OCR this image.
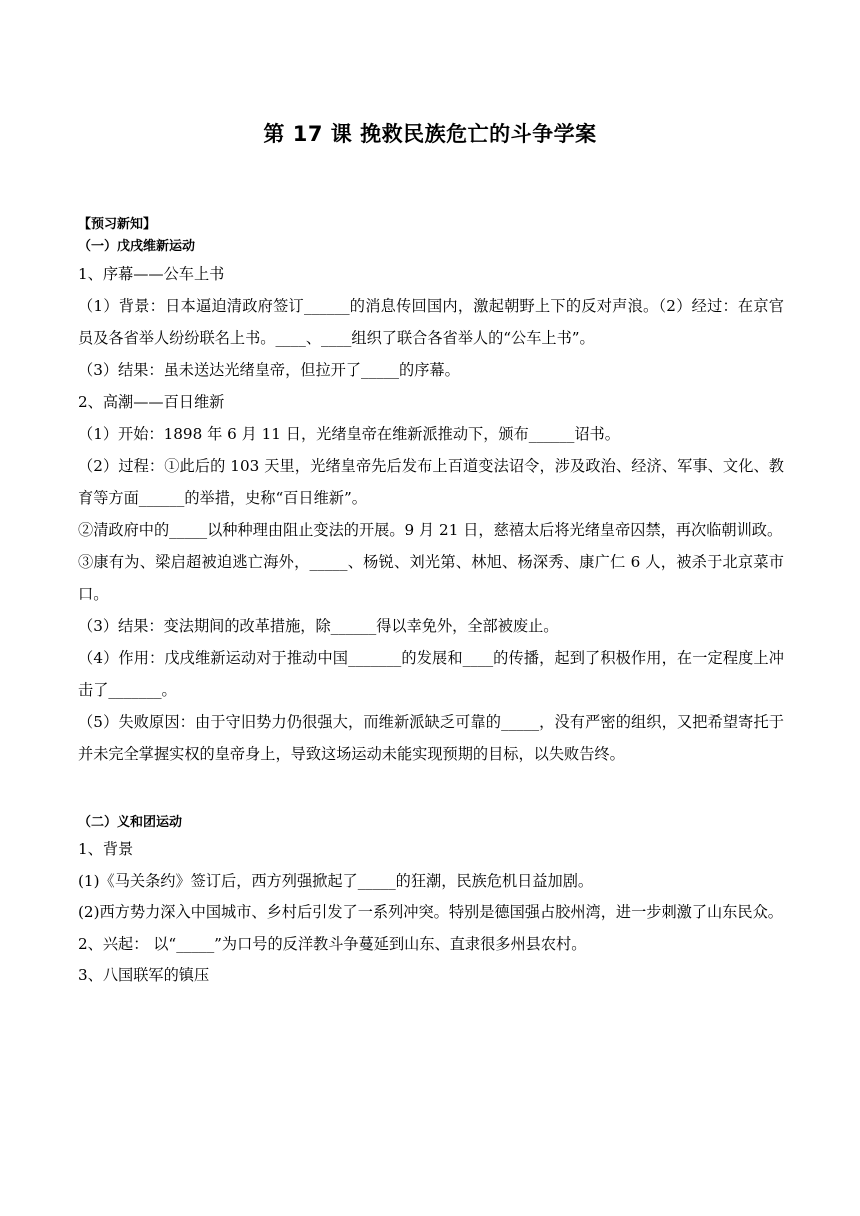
第 17 课 挽救民族危亡的斗争学案
【预习新知】
（一）戊戌维新运动
1、序幕——公车上书
（1）背景：日本逼迫清政府签订______的消息传回国内，激起朝野上下的反对声浪。（2）经过：在京官员及各省举人纷纷联名上书。____、____组织了联合各省举人的“公车上书”。
（3）结果：虽未送达光绪皇帝，但拉开了_____的序幕。
2、高潮——百日维新
（1）开始：1898 年 6 月 11 日，光绪皇帝在维新派推动下，颁布______诏书。
（2）过程：①此后的 103 天里，光绪皇帝先后发布上百道变法诏令，涉及政治、经济、军事、文化、教育等方面______的举措，史称“百日维新”。
②清政府中的_____以种种理由阻止变法的开展。9 月 21 日，慈禧太后将光绪皇帝囚禁，再次临朝训政。
③康有为、梁启超被迫逃亡海外，_____、杨锐、刘光第、林旭、杨深秀、康广仁 6 人，被杀于北京菜市口。
（3）结果：变法期间的改革措施，除______得以幸免外，全部被废止。
（4）作用：戊戌维新运动对于推动中国_______的发展和____的传播，起到了积极作用，在一定程度上冲击了_______。
（5）失败原因：由于守旧势力仍很强大，而维新派缺乏可靠的_____，没有严密的组织，又把希望寄托于并未完全掌握实权的皇帝身上，导致这场运动未能实现预期的目标，以失败告终。
（二）义和团运动
1、背景
(1)《马关条约》签订后，西方列强掀起了_____的狂潮，民族危机日益加剧。
(2)西方势力深入中国城市、乡村后引发了一系列冲突。特别是德国强占胶州湾，进一步刺激了山东民众。
2、兴起： 以“_____”为口号的反洋教斗争蔓延到山东、直隶很多州县农村。
3、八国联军的镇压
